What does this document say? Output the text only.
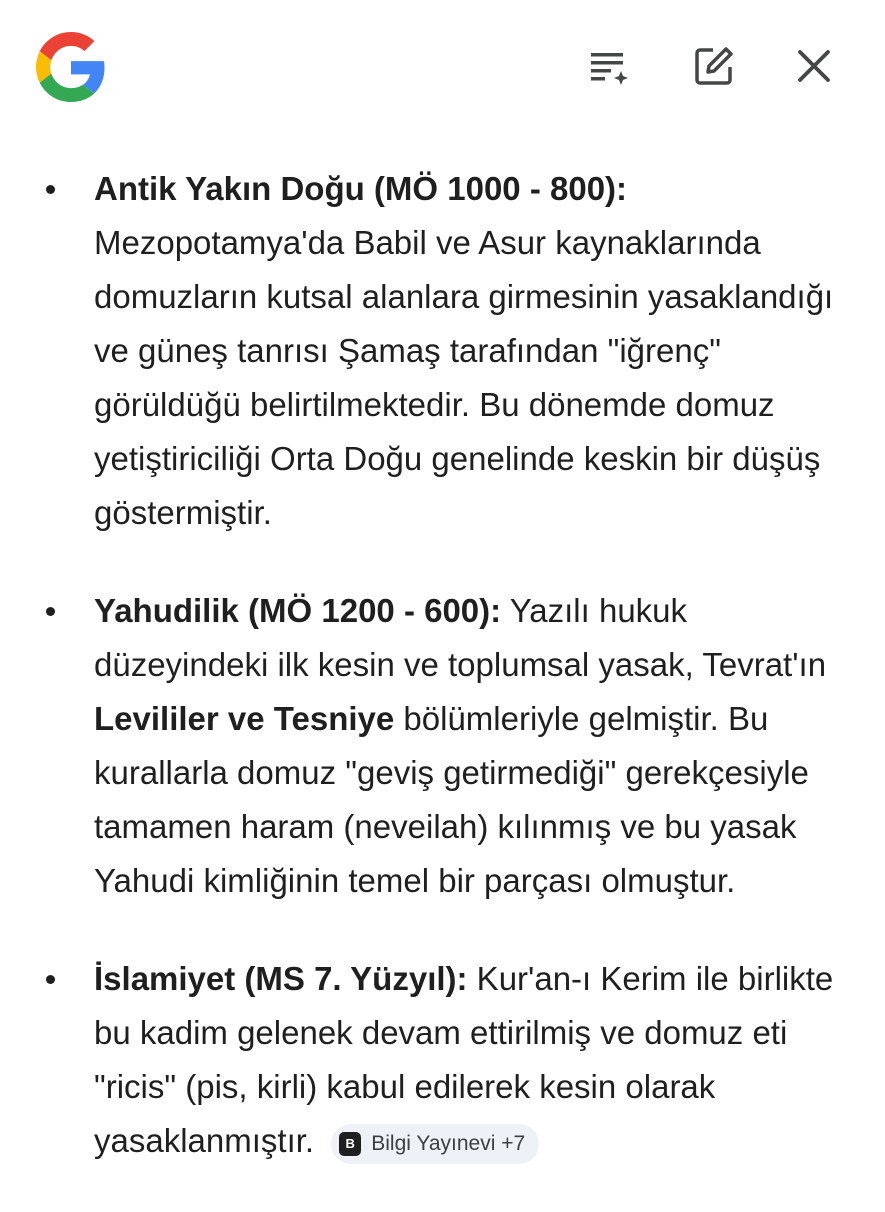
Antik Yakın Doğu (MÖ 1000 - 800): Mezopotamya'da Babil ve Asur kaynaklarında domuzların kutsal alanlara girmesinin yasaklandığı ve güneş tanrısı Şamaş tarafından "iğrenç" görüldüğü belirtilmektedir. Bu dönemde domuz yetiştiriciliği Orta Doğu genelinde keskin bir düşüş göstermiştir.
Yahudilik (MÖ 1200 - 600): Yazılı hukuk düzeyindeki ilk kesin ve toplumsal yasak, Tevrat'ın Levililer ve Tesniye bölümleriyle gelmiştir. Bu kurallarla domuz "geviş getirmediği" gerekçesiyle tamamen haram (neveilah) kılınmış ve bu yasak Yahudi kimliğinin temel bir parçası olmuştur.
İslamiyet (MS 7. Yüzyıl): Kur'an-ı Kerim ile birlikte bu kadim gelenek devam ettirilmiş ve domuz eti "ricis" (pis, kirli) kabul edilerek kesin olarak yasaklanmıştır.	B Bilgi Yayınevi +7
